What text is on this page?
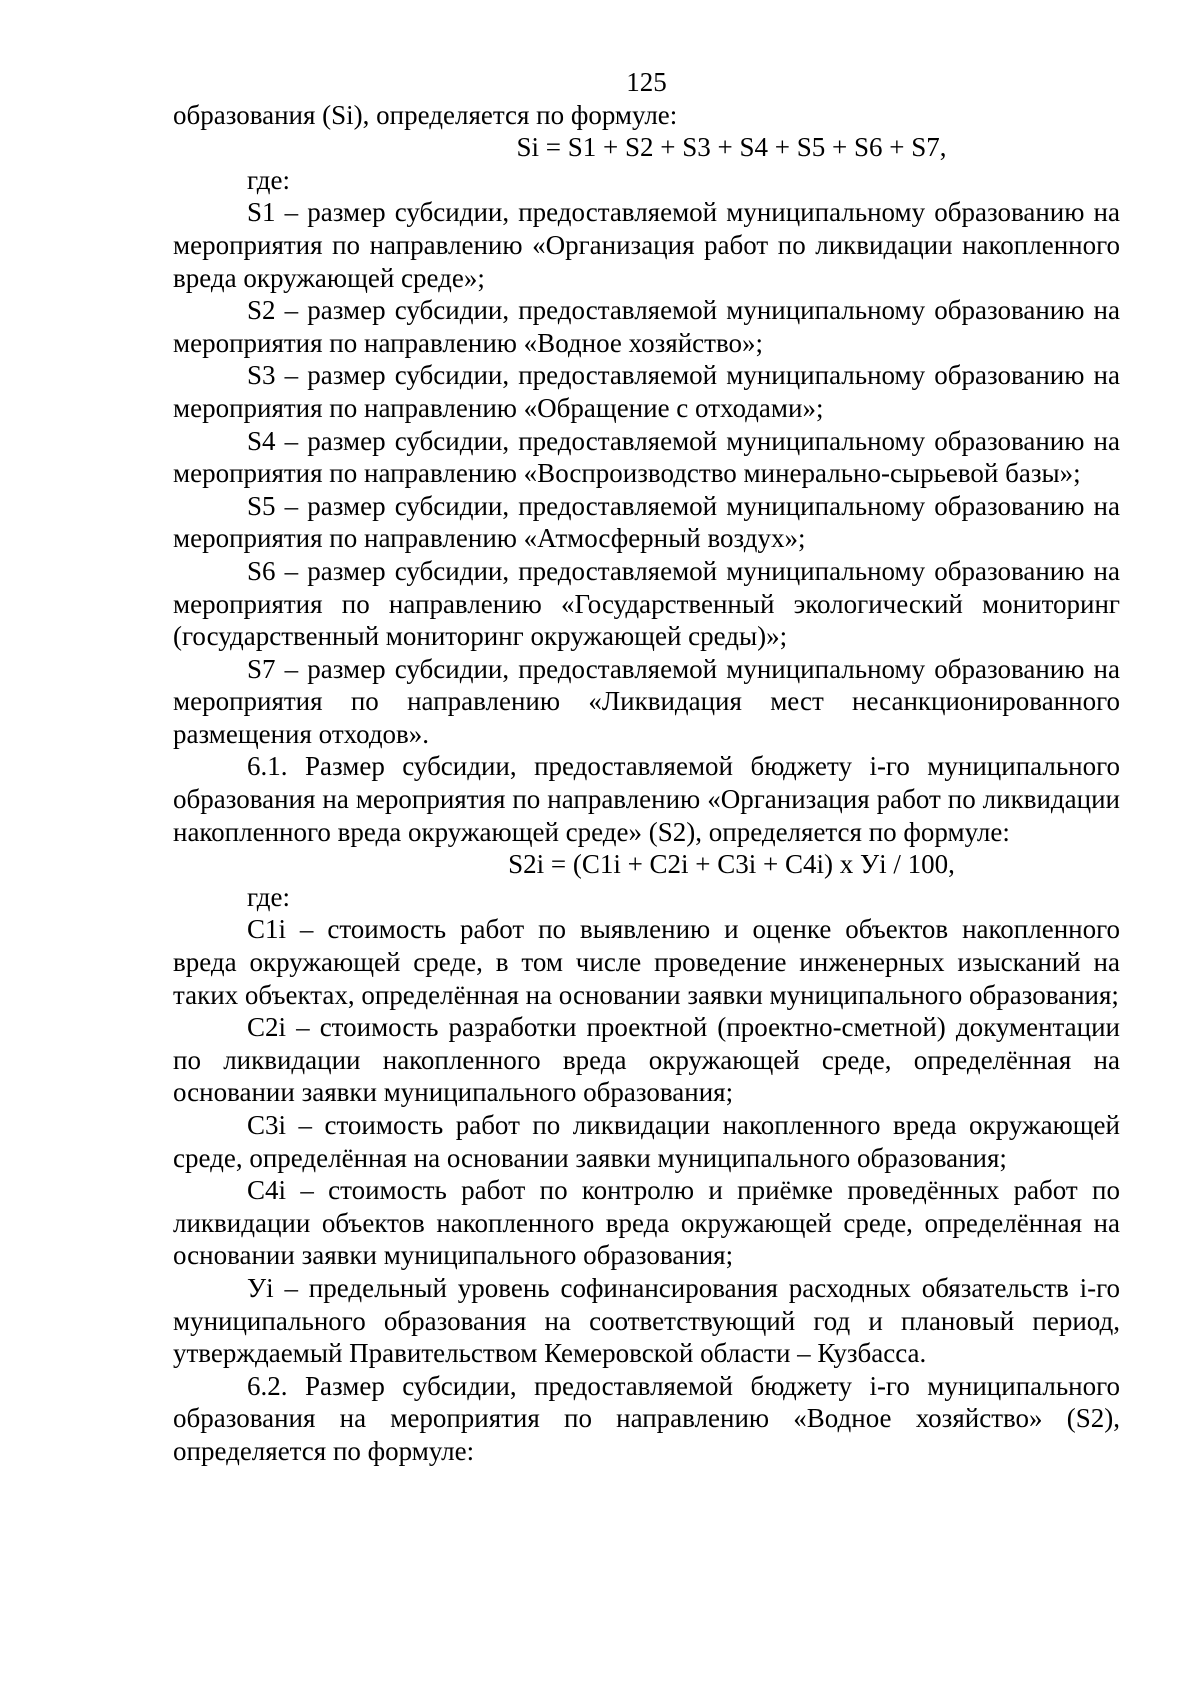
125

образования (Si), определяется по формуле:

Si = S1 + S2 + S3 + S4 + S5 + S6 + S7,

где:

S1 – размер субсидии, предоставляемой муниципальному образованию на мероприятия по направлению «Организация работ по ликвидации накопленного вреда окружающей среде»;

S2 – размер субсидии, предоставляемой муниципальному образованию на мероприятия по направлению «Водное хозяйство»;

S3 – размер субсидии, предоставляемой муниципальному образованию на мероприятия по направлению «Обращение с отходами»;

S4 – размер субсидии, предоставляемой муниципальному образованию на мероприятия по направлению «Воспроизводство минерально-сырьевой базы»;

S5 – размер субсидии, предоставляемой муниципальному образованию на мероприятия по направлению «Атмосферный воздух»;

S6 – размер субсидии, предоставляемой муниципальному образованию на мероприятия по направлению «Государственный экологический мониторинг (государственный мониторинг окружающей среды)»;

S7 – размер субсидии, предоставляемой муниципальному образованию на мероприятия по направлению «Ликвидация мест несанкционированного размещения отходов».

6.1. Размер субсидии, предоставляемой бюджету i-го муниципального образования на мероприятия по направлению «Организация работ по ликвидации накопленного вреда окружающей среде» (S2), определяется по формуле:

S2i = (C1i + C2i + C3i + C4i) х Уi / 100,

где:

C1i – стоимость работ по выявлению и оценке объектов накопленного вреда окружающей среде, в том числе проведение инженерных изысканий на таких объектах, определённая на основании заявки муниципального образования;

C2i – стоимость разработки проектной (проектно-сметной) документации по ликвидации накопленного вреда окружающей среде, определённая на основании заявки муниципального образования;

C3i – стоимость работ по ликвидации накопленного вреда окружающей среде, определённая на основании заявки муниципального образования;

C4i – стоимость работ по контролю и приёмке проведённых работ по ликвидации объектов накопленного вреда окружающей среде, определённая на основании заявки муниципального образования;

Уi – предельный уровень софинансирования расходных обязательств i-го муниципального образования на соответствующий год и плановый период, утверждаемый Правительством Кемеровской области – Кузбасса.

6.2. Размер субсидии, предоставляемой бюджету i-го муниципального образования на мероприятия по направлению «Водное хозяйство» (S2), определяется по формуле:
